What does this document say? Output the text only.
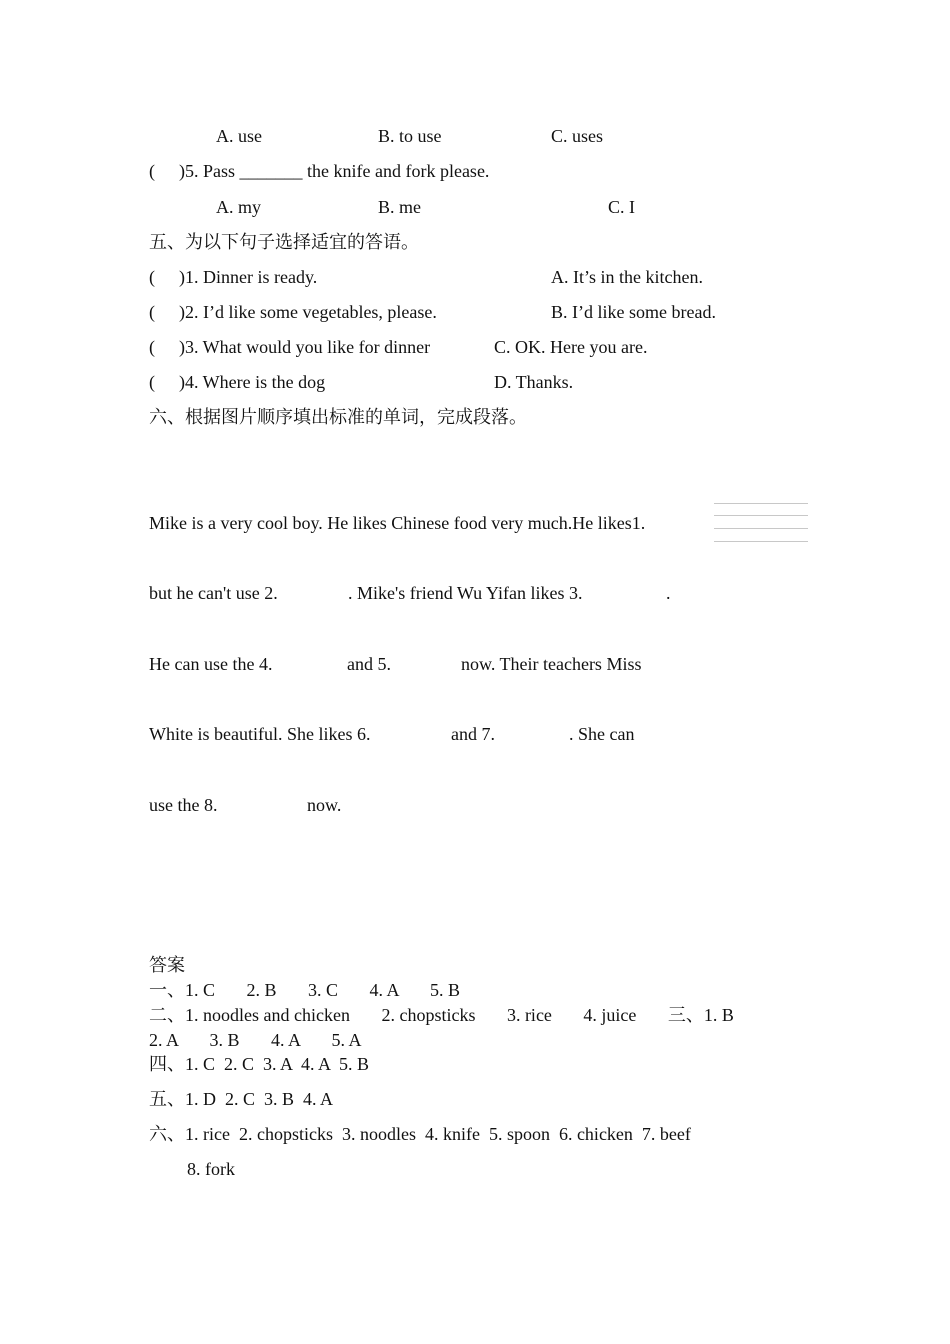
A. use	B. to use	C. uses
( )5. Pass _______ the knife and fork please.
A. my	B. me	C. I
五、为以下句子选择适宜的答语。
( )1. Dinner is ready.	A. It’s in the kitchen.
( )2. I’d like some vegetables, please.	B. I’d like some bread.
( )3. What would you like for dinner	C. OK. Here you are.
( )4. Where is the dog	D. Thanks.
六、根据图片顺序填出标准的单词，完成段落。
Mike is a very cool boy. He likes Chinese food very much.He likes1.
but he can't use 2.	. Mike's friend Wu Yifan likes 3.	.
He can use the 4.	and 5.	now. Their teachers Miss
White is beautiful. She likes 6.	and 7.	. She can
use the 8.	now.
答案
一、1. C       2. B       3. C       4. A       5. B
二、1. noodles and chicken       2. chopsticks       3. rice       4. juice       三、1. B
2. A       3. B       4. A       5. A
四、1. C  2. C  3. A  4. A  5. B
五、1. D  2. C  3. B  4. A
六、1. rice  2. chopsticks  3. noodles  4. knife  5. spoon  6. chicken  7. beef
8. fork
